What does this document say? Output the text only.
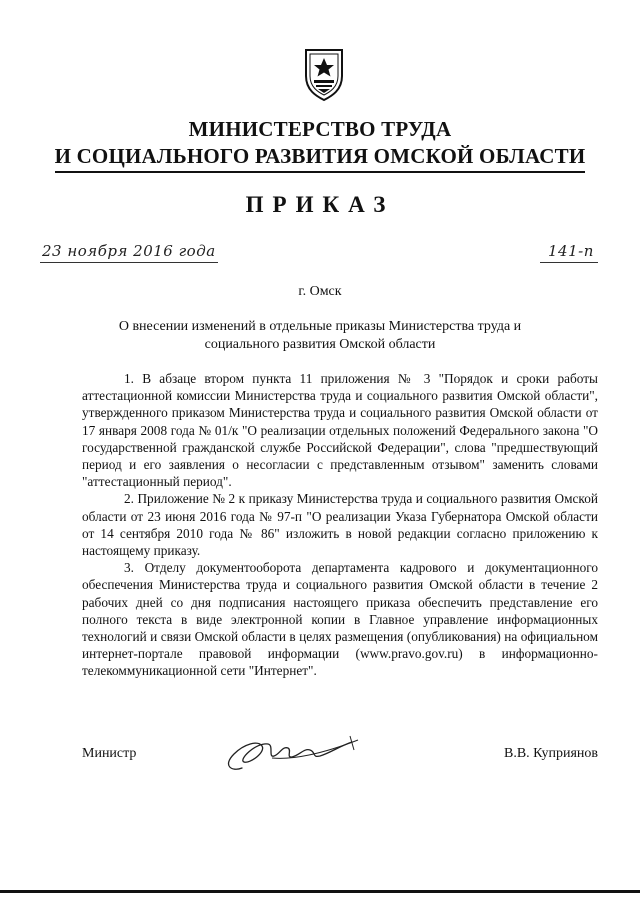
МИНИСТЕРСТВО ТРУДА
И СОЦИАЛЬНОГО РАЗВИТИЯ ОМСКОЙ ОБЛАСТИ
ПРИКАЗ
23 ноября 2016 года	141-п
г. Омск
О внесении изменений в отдельные приказы Министерства труда и социального развития Омской области

1. В абзаце втором пункта 11 приложения № 3 "Порядок и сроки работы аттестационной комиссии Министерства труда и социального развития Омской области", утвержденного приказом Министерства труда и социального развития Омской области от 17 января 2008 года № 01/к "О реализации отдельных положений Федерального закона "О государственной гражданской службе Российской Федерации", слова "предшествующий период и его заявления о несогласии с представленным отзывом" заменить словами "аттестационный период".

2. Приложение № 2 к приказу Министерства труда и социального развития Омской области от 23 июня 2016 года № 97-п "О реализации Указа Губернатора Омской области от 14 сентября 2010 года № 86" изложить в новой редакции согласно приложению к настоящему приказу.

3. Отделу документооборота департамента кадрового и документационного обеспечения Министерства труда и социального развития Омской области в течение 2 рабочих дней со дня подписания настоящего приказа обеспечить представление его полного текста в виде электронной копии в Главное управление информационных технологий и связи Омской области в целях размещения (опубликования) на официальном интернет-портале правовой информации (www.pravo.gov.ru) в информационно-телекоммуникационной сети "Интернет".

Министр	В.В. Куприянов
